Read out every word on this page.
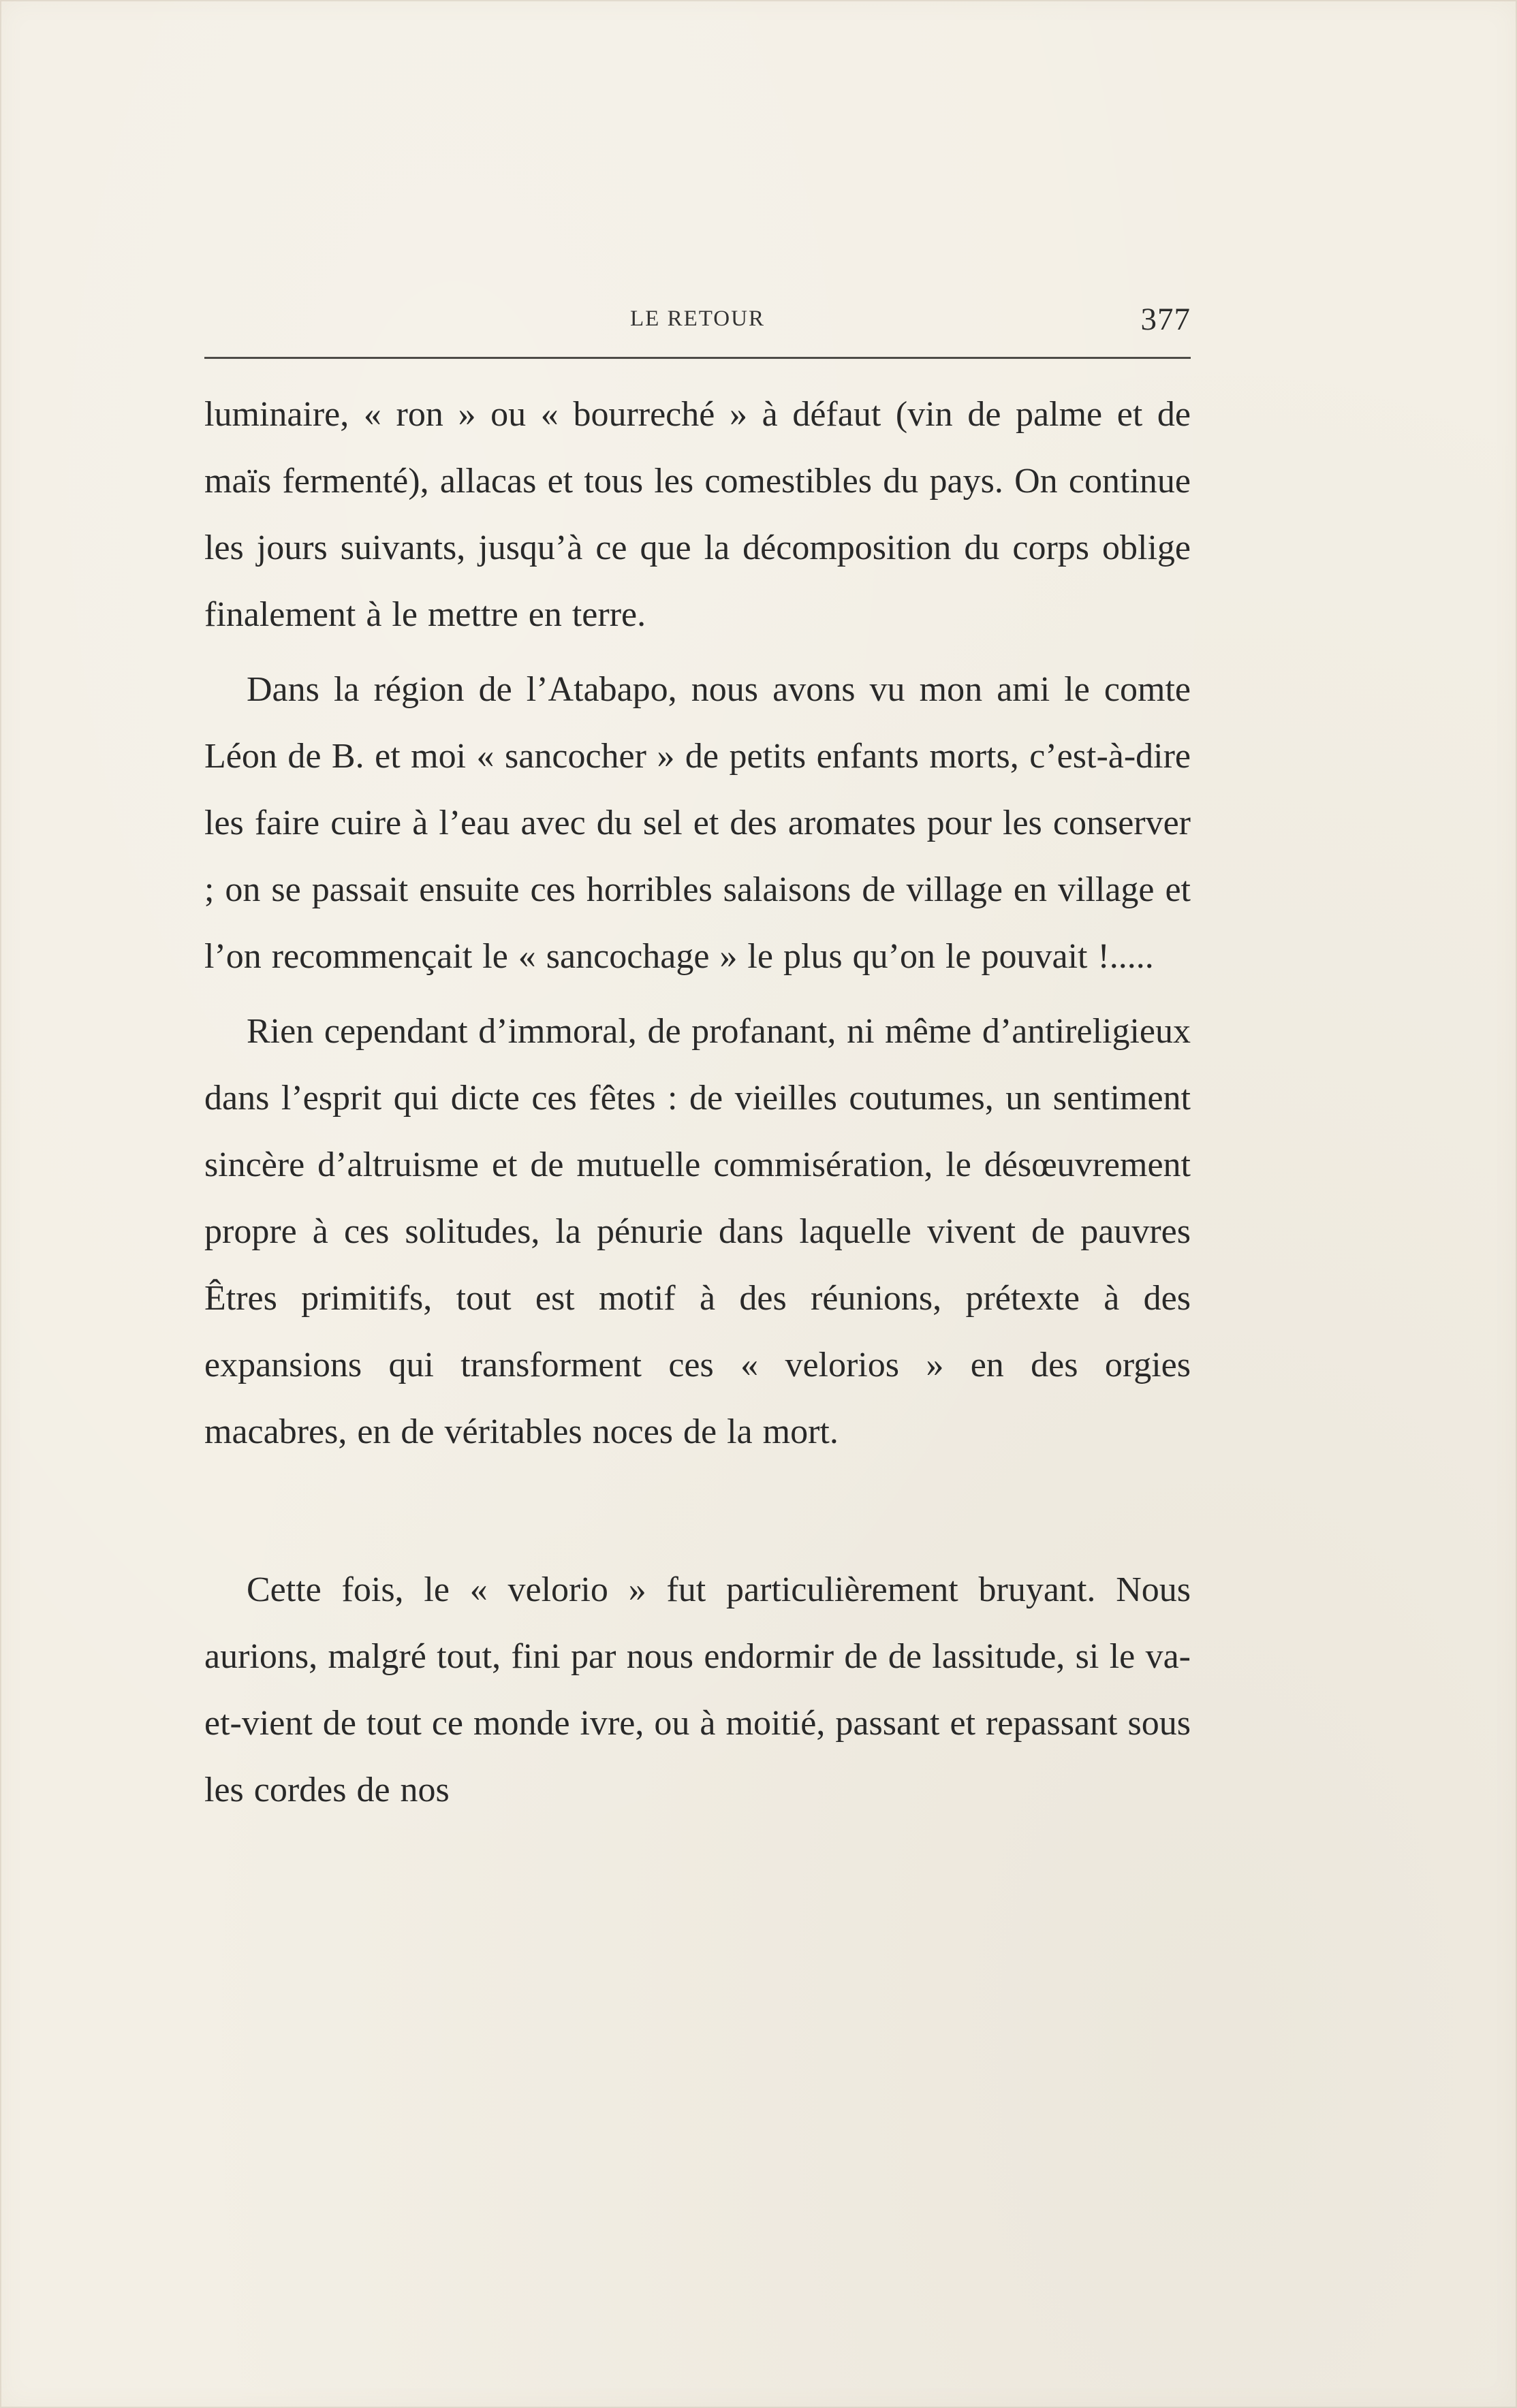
LE RETOUR	377

luminaire, « ron » ou « bourreché » à défaut (vin de palme et de maïs fermenté), allacas et tous les comestibles du pays. On continue les jours suivants, jusqu’à ce que la décomposition du corps oblige finalement à le mettre en terre.

Dans la région de l’Atabapo, nous avons vu mon ami le comte Léon de B. et moi « sancocher » de petits enfants morts, c’est-à-dire les faire cuire à l’eau avec du sel et des aromates pour les conserver ; on se passait ensuite ces horribles salaisons de village en village et l’on recommençait le « sancochage » le plus qu’on le pouvait !.....

Rien cependant d’immoral, de profanant, ni même d’antireligieux dans l’esprit qui dicte ces fêtes : de vieilles coutumes, un sentiment sincère d’altruisme et de mutuelle commisération, le désœuvrement propre à ces solitudes, la pénurie dans laquelle vivent de pauvres Êtres primitifs, tout est motif à des réunions, prétexte à des expansions qui transforment ces « velorios » en des orgies macabres, en de véritables noces de la mort.

Cette fois, le « velorio » fut particulièrement bruyant. Nous aurions, malgré tout, fini par nous endormir de de lassitude, si le va-et-vient de tout ce monde ivre, ou à moitié, passant et repassant sous les cordes de nos
